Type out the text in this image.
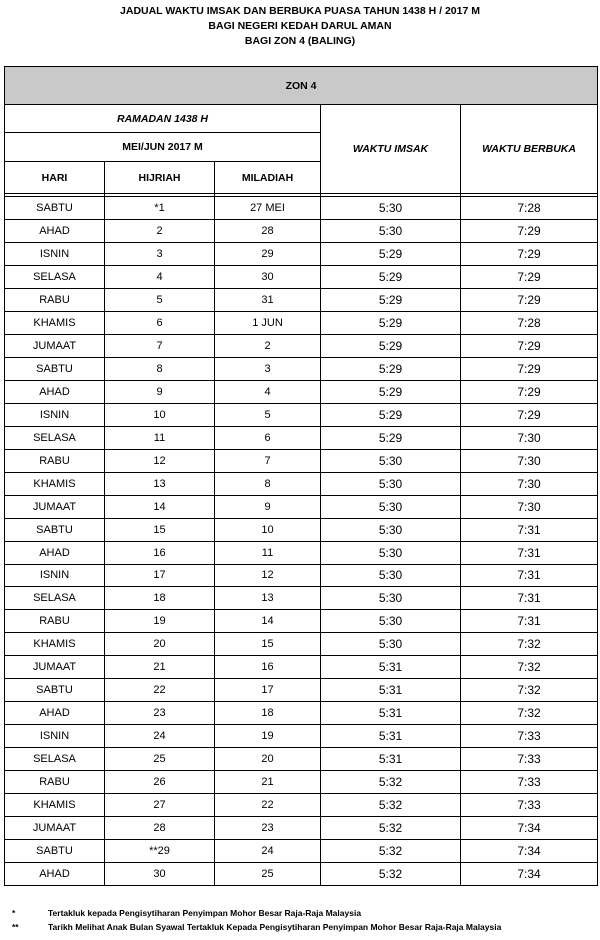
JADUAL WAKTU IMSAK DAN BERBUKA PUASA TAHUN 1438 H / 2017 M
BAGI NEGERI KEDAH DARUL AMAN
BAGI ZON 4 (BALING)
ZON 4				
RAMADAN 1438 H			WAKTU IMSAK	WAKTU BERBUKA
MEI/JUN 2017 M				
HARI	HIJRIAH	MILADIAH		

SABTU	*1	27 MEI	5:30	7:28
AHAD	2	28	5:30	7:29
ISNIN	3	29	5:29	7:29
SELASA	4	30	5:29	7:29
RABU	5	31	5:29	7:29
KHAMIS	6	1 JUN	5:29	7:28
JUMAAT	7	2	5:29	7:29
SABTU	8	3	5:29	7:29
AHAD	9	4	5:29	7:29
ISNIN	10	5	5:29	7:29
SELASA	11	6	5:29	7:30
RABU	12	7	5:30	7:30
KHAMIS	13	8	5:30	7:30
JUMAAT	14	9	5:30	7:30
SABTU	15	10	5:30	7:31
AHAD	16	11	5:30	7:31
ISNIN	17	12	5:30	7:31
SELASA	18	13	5:30	7:31
RABU	19	14	5:30	7:31
KHAMIS	20	15	5:30	7:32
JUMAAT	21	16	5:31	7:32
SABTU	22	17	5:31	7:32
AHAD	23	18	5:31	7:32
ISNIN	24	19	5:31	7:33
SELASA	25	20	5:31	7:33
RABU	26	21	5:32	7:33
KHAMIS	27	22	5:32	7:33
JUMAAT	28	23	5:32	7:34
SABTU	**29	24	5:32	7:34
AHAD	30	25	5:32	7:34
*	Tertakluk kepada Pengisytiharan Penyimpan Mohor Besar Raja-Raja Malaysia
**	Tarikh Melihat Anak Bulan Syawal Tertakluk Kepada Pengisytiharan Penyimpan Mohor Besar Raja-Raja Malaysia
